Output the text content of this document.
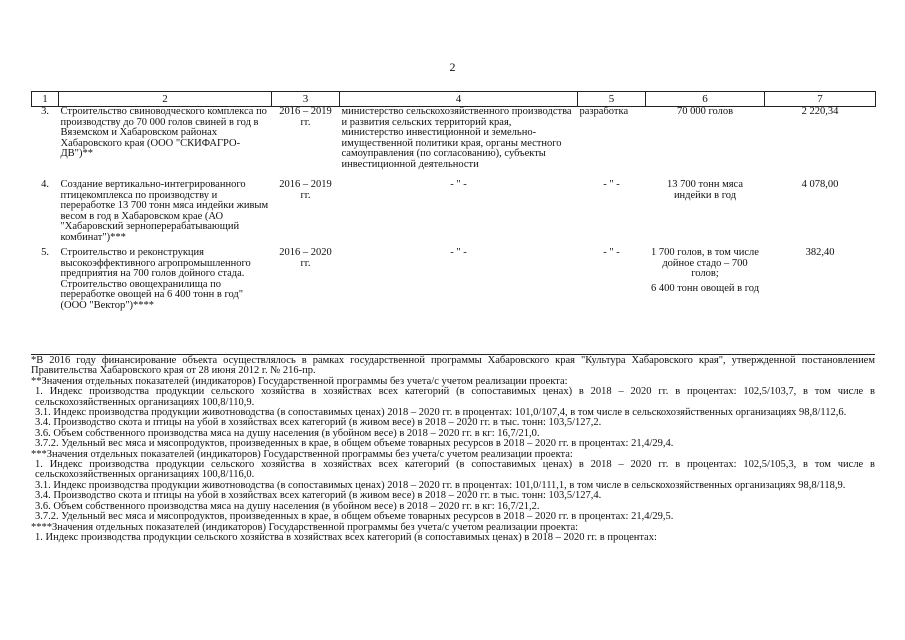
2
1	2	3	4	5	6	7
3.	Строительство свиноводческого комплекса по производству до 70 000 голов свиней в год в Вяземском и Хабаровском районах Хабаровского края (ООО "СКИФАГРО-ДВ")**	2016 – 2019 гг.	министерство сельскохозяйственного производства и развития сельских территорий края, министерство инвестиционной и земельно-имущественной политики края, органы местного самоуправления (по согласованию), субъекты инвестиционной деятельности	разработка	70 000 голов	2 220,34
4.	Создание вертикально-интегрированного птицекомплекса по производству и переработке 13 700 тонн мяса индейки живым весом в год в Хабаровском крае (АО "Хабаровский зерноперерабатывающий комбинат")***	2016 – 2019 гг.	- " -	- " -	13 700 тонн мяса индейки в год	4 078,00
5.	Строительство и реконструкция высокоэффективного агропромышленного предприятия на 700 голов дойного стада. Строительство овощехранилища по переработке овощей на 6 400 тонн в год" (ООО "Вектор")****	2016 – 2020 гг.	- " -	- " -	1 700 голов, в том числе дойное стадо – 700 голов;
6 400 тонн овощей в год	382,40

*В 2016 году финансирование объекта осуществлялось в рамках государственной программы Хабаровского края "Культура Хабаровского края", утвержденной постановлением Правительства Хабаровского края от 28 июня 2012 г. № 216-пр.

**Значения отдельных показателей (индикаторов) Государственной программы без учета/с учетом реализации проекта:

1. Индекс производства продукции сельского хозяйства в хозяйствах всех категорий (в сопоставимых ценах) в 2018 – 2020 гг. в процентах: 102,5/103,7, в том числе в сельскохозяйственных организациях 100,8/110,9.

3.1. Индекс производства продукции животноводства (в сопоставимых ценах) 2018 – 2020 гг. в процентах: 101,0/107,4, в том числе в сельскохозяйственных организациях 98,8/112,6.

3.4. Производство скота и птицы на убой в хозяйствах всех категорий (в живом весе) в 2018 – 2020 гг. в тыс. тонн: 103,5/127,2.

3.6. Объем собственного производства мяса на душу населения (в убойном весе) в 2018 – 2020 гг. в кг: 16,7/21,0.

3.7.2. Удельный вес мяса и мясопродуктов, произведенных в крае, в общем объеме товарных ресурсов в 2018 – 2020 гг. в процентах: 21,4/29,4.

***Значения отдельных показателей (индикаторов) Государственной программы без учета/с учетом реализации проекта:

1. Индекс производства продукции сельского хозяйства в хозяйствах всех категорий (в сопоставимых ценах) в 2018 – 2020 гг. в процентах: 102,5/105,3, в том числе в сельскохозяйственных организациях 100,8/116,0.

3.1. Индекс производства продукции животноводства (в сопоставимых ценах) 2018 – 2020 гг. в процентах: 101,0/111,1, в том числе в сельскохозяйственных организациях 98,8/118,9.

3.4. Производство скота и птицы на убой в хозяйствах всех категорий (в живом весе) в 2018 – 2020 гг. в тыс. тонн: 103,5/127,4.

3.6. Объем собственного производства мяса на душу населения (в убойном весе) в 2018 – 2020 гг. в кг: 16,7/21,2.

3.7.2. Удельный вес мяса и мясопродуктов, произведенных в крае, в общем объеме товарных ресурсов в 2018 – 2020 гг. в процентах: 21,4/29,5.

****Значения отдельных показателей (индикаторов) Государственной программы без учета/с учетом реализации проекта:

1. Индекс производства продукции сельского хозяйства в хозяйствах всех категорий (в сопоставимых ценах) в 2018 – 2020 гг. в процентах:
